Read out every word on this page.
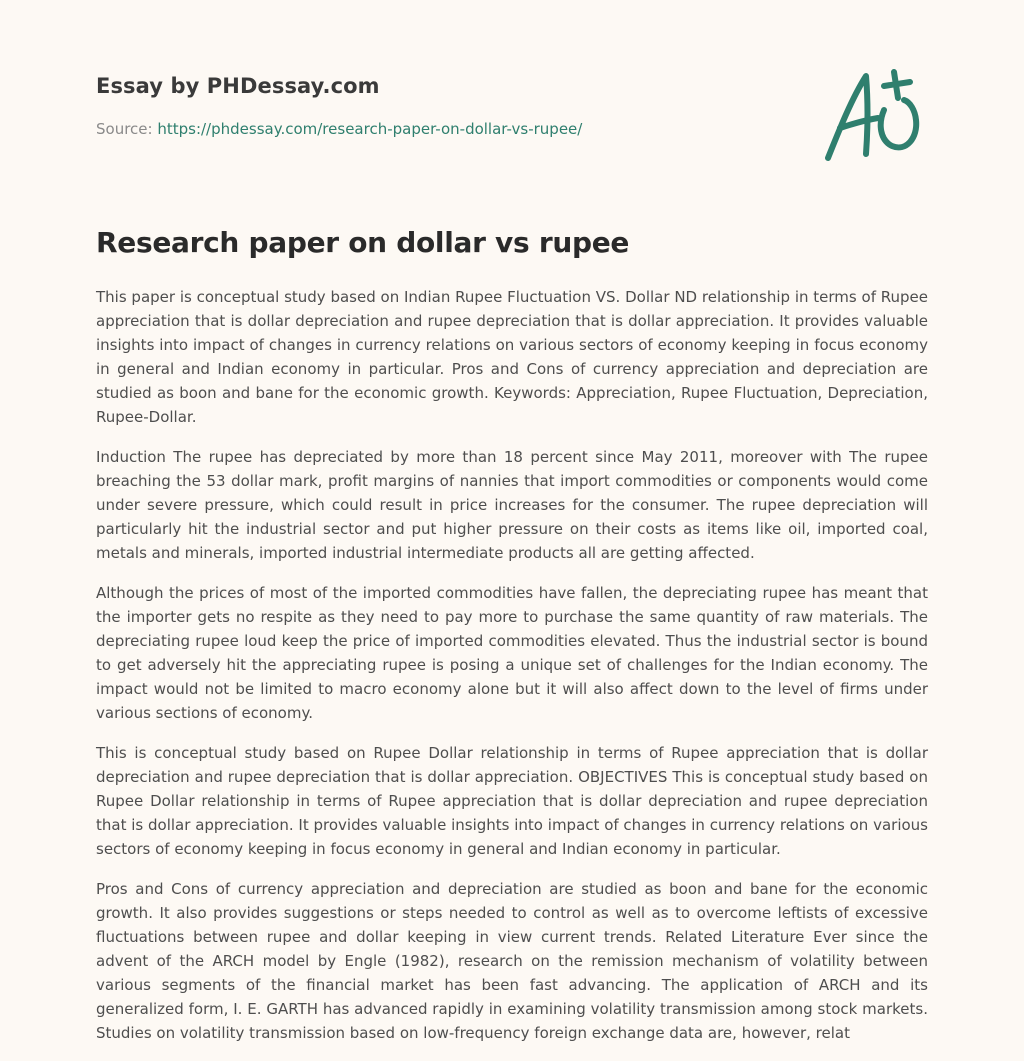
Essay by PHDessay.com
Source: https://phdessay.com/research-paper-on-dollar-vs-rupee/
Research paper on dollar vs rupee

This paper is conceptual study based on Indian Rupee Fluctuation VS. Dollar ND relationship in terms of Rupee appreciation that is dollar depreciation and rupee depreciation that is dollar appreciation. It provides valuable insights into impact of changes in currency relations on various sectors of economy keeping in focus economy in general and Indian economy in particular. Pros and Cons of currency appreciation and depreciation are studied as boon and bane for the economic growth. Keywords: Appreciation, Rupee Fluctuation, Depreciation, Rupee-Dollar.

Induction The rupee has depreciated by more than 18 percent since May 2011, moreover with The rupee breaching the 53 dollar mark, profit margins of nannies that import commodities or components would come under severe pressure, which could result in price increases for the consumer. The rupee depreciation will particularly hit the industrial sector and put higher pressure on their costs as items like oil, imported coal, metals and minerals, imported industrial intermediate products all are getting affected.

Although the prices of most of the imported commodities have fallen, the depreciating rupee has meant that the importer gets no respite as they need to pay more to purchase the same quantity of raw materials. The depreciating rupee loud keep the price of imported commodities elevated. Thus the industrial sector is bound to get adversely hit the appreciating rupee is posing a unique set of challenges for the Indian economy. The impact would not be limited to macro economy alone but it will also affect down to the level of firms under various sections of economy.

This is conceptual study based on Rupee Dollar relationship in terms of Rupee appreciation that is dollar depreciation and rupee depreciation that is dollar appreciation. OBJECTIVES This is conceptual study based on Rupee Dollar relationship in terms of Rupee appreciation that is dollar depreciation and rupee depreciation that is dollar appreciation. It provides valuable insights into impact of changes in currency relations on various sectors of economy keeping in focus economy in general and Indian economy in particular.

Pros and Cons of currency appreciation and depreciation are studied as boon and bane for the economic growth. It also provides suggestions or steps needed to control as well as to overcome leftists of excessive fluctuations between rupee and dollar keeping in view current trends. Related Literature Ever since the advent of the ARCH model by Engle (1982), research on the remission mechanism of volatility between various segments of the financial market has been fast advancing. The application of ARCH and its generalized form, I. E. GARTH has advanced rapidly in examining volatility transmission among stock markets. Studies on volatility transmission based on low-frequency foreign exchange data are, however, relat
